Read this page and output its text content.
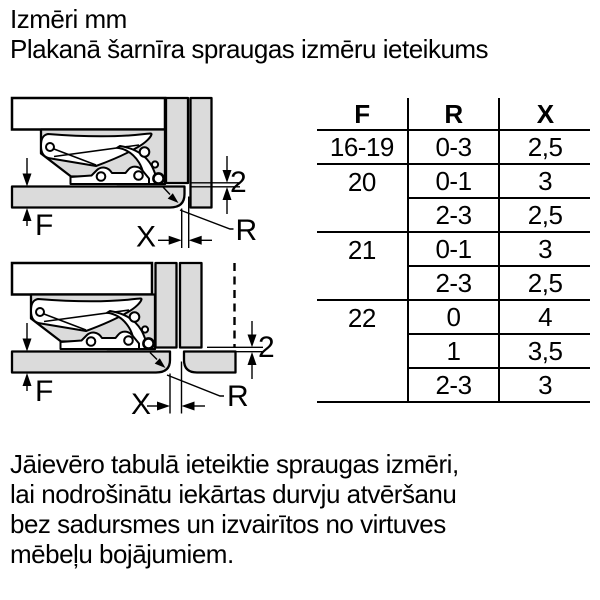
Izmēri mm
Plakanā šarnīra spraugas izmēru ieteikums
F
2
X	R
F
2
X	R
F	R	X
16-19	0-3	2,5
20	0-1	3
	2-3	2,5
21	0-1	3
	2-3	2,5
22	0	4
	1	3,5
	2-3	3
Jāievēro tabulā ieteiktie spraugas izmēri,
lai nodrošinātu iekārtas durvju atvēršanu
bez sadursmes un izvairītos no virtuves
mēbeļu bojājumiem.
